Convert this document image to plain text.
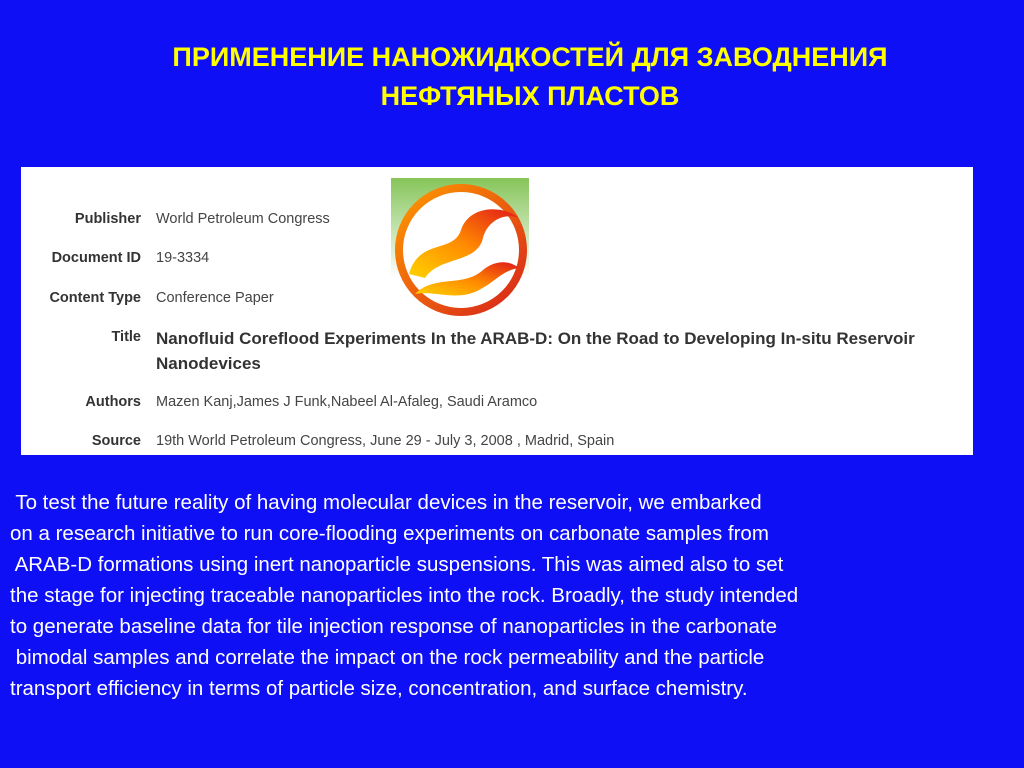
ПРИМЕНЕНИЕ НАНОЖИДКОСТЕЙ ДЛЯ ЗАВОДНЕНИЯ
НЕФТЯНЫХ ПЛАСТОВ
Publisher World Petroleum Congress
Document ID 19-3334
Content Type Conference Paper
Title Nanofluid Coreflood Experiments In the ARAB-D: On the Road to Developing In-situ Reservoir Nanodevices
Authors Mazen Kanj,James J Funk,Nabeel Al-Afaleg, Saudi Aramco
Source 19th World Petroleum Congress, June 29 - July 3, 2008 , Madrid, Spain
To test the future reality of having molecular devices in the reservoir, we embarked
on a research initiative to run core-flooding experiments on carbonate samples from
ARAB-D formations using inert nanoparticle suspensions. This was aimed also to set
the stage for injecting traceable nanoparticles into the rock. Broadly, the study intended
to generate baseline data for tile injection response of nanoparticles in the carbonate
bimodal samples and correlate the impact on the rock permeability and the particle
transport efficiency in terms of particle size, concentration, and surface chemistry.
